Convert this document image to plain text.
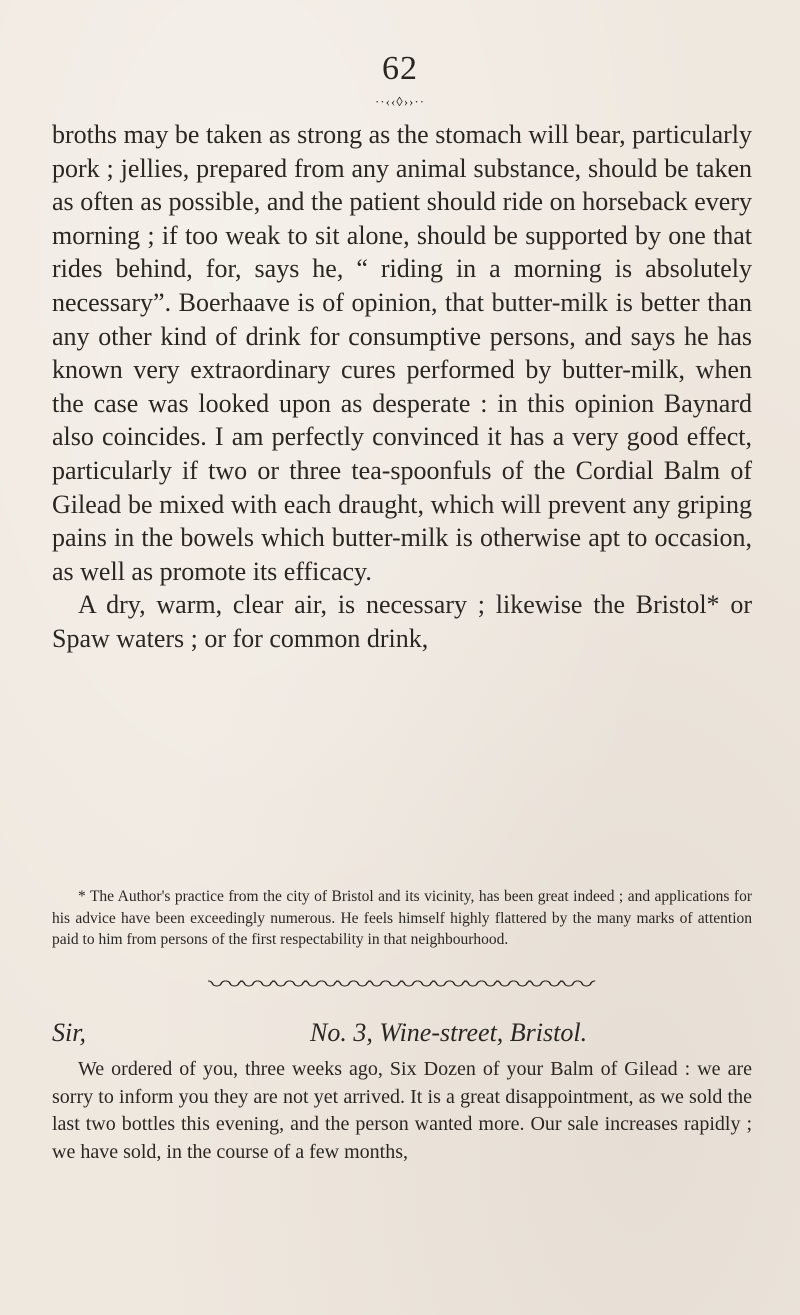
62
··‹‹◊››··

broths may be taken as strong as the stomach will bear, particularly pork ; jellies, prepared from any animal substance, should be taken as often as possible, and the patient should ride on horseback every morning ; if too weak to sit alone, should be supported by one that rides behind, for, says he, “ riding in a morning is absolutely necessary”. Boerhaave is of opinion, that butter-milk is better than any other kind of drink for consumptive persons, and says he has known very extraordinary cures performed by butter-milk, when the case was looked upon as desperate : in this opinion Baynard also coincides. I am perfectly convinced it has a very good effect, particularly if two or three tea-spoonfuls of the Cordial Balm of Gilead be mixed with each draught, which will prevent any griping pains in the bowels which butter-milk is otherwise apt to occasion, as well as promote its efficacy.

A dry, warm, clear air, is necessary ; likewise the Bristol* or Spaw waters ; or for common drink,

* The Author's practice from the city of Bristol and its vicinity, has been great indeed ; and applications for his advice have been exceedingly numerous. He feels himself highly flattered by the many marks of attention paid to him from persons of the first respectability in that neighbourhood.
〰〰〰〰〰〰〰〰〰〰〰〰
Sir,	No. 3, Wine-street, Bristol.

We ordered of you, three weeks ago, Six Dozen of your Balm of Gilead : we are sorry to inform you they are not yet arrived. It is a great disappointment, as we sold the last two bottles this evening, and the person wanted more. Our sale increases rapidly ; we have sold, in the course of a few months,
